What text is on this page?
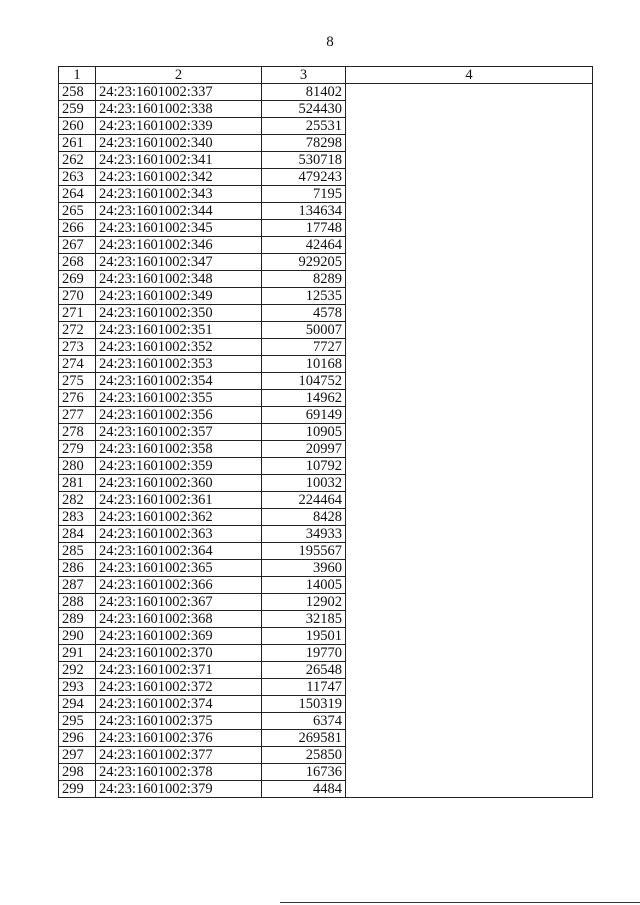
8
1	2	3	4
258	24:23:1601002:337	81402	
259	24:23:1601002:338	524430	
260	24:23:1601002:339	25531	
261	24:23:1601002:340	78298	
262	24:23:1601002:341	530718	
263	24:23:1601002:342	479243	
264	24:23:1601002:343	7195	
265	24:23:1601002:344	134634	
266	24:23:1601002:345	17748	
267	24:23:1601002:346	42464	
268	24:23:1601002:347	929205	
269	24:23:1601002:348	8289	
270	24:23:1601002:349	12535	
271	24:23:1601002:350	4578	
272	24:23:1601002:351	50007	
273	24:23:1601002:352	7727	
274	24:23:1601002:353	10168	
275	24:23:1601002:354	104752	
276	24:23:1601002:355	14962	
277	24:23:1601002:356	69149	
278	24:23:1601002:357	10905	
279	24:23:1601002:358	20997	
280	24:23:1601002:359	10792	
281	24:23:1601002:360	10032	
282	24:23:1601002:361	224464	
283	24:23:1601002:362	8428	
284	24:23:1601002:363	34933	
285	24:23:1601002:364	195567	
286	24:23:1601002:365	3960	
287	24:23:1601002:366	14005	
288	24:23:1601002:367	12902	
289	24:23:1601002:368	32185	
290	24:23:1601002:369	19501	
291	24:23:1601002:370	19770	
292	24:23:1601002:371	26548	
293	24:23:1601002:372	11747	
294	24:23:1601002:374	150319	
295	24:23:1601002:375	6374	
296	24:23:1601002:376	269581	
297	24:23:1601002:377	25850	
298	24:23:1601002:378	16736	
299	24:23:1601002:379	4484	
